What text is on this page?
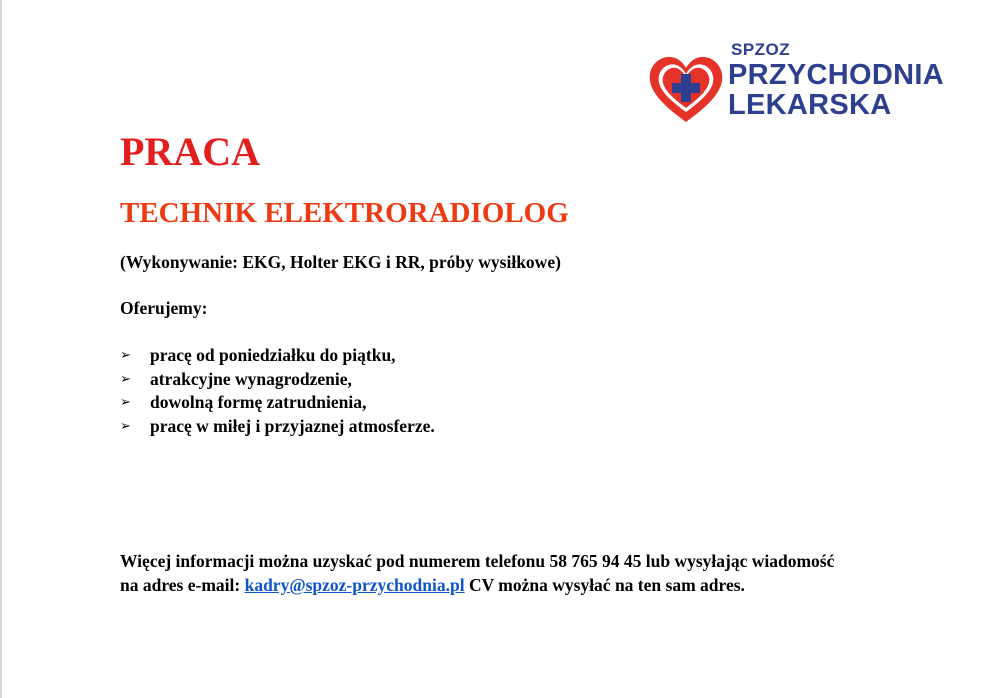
SPZOZ
PRZYCHODNIA
LEKARSKA
PRACA
TECHNIK ELEKTRORADIOLOG

(Wykonywanie: EKG, Holter EKG i RR, próby wysiłkowe)

Oferujemy:

➢ pracę od poniedziałku do piątku,
➢ atrakcyjne wynagrodzenie,
➢ dowolną formę zatrudnienia,
➢ pracę w miłej i przyjaznej atmosferze.

Więcej informacji można uzyskać pod numerem telefonu 58 765 94 45 lub wysyłając wiadomość na adres e-mail: kadry@spzoz-przychodnia.pl CV można wysyłać na ten sam adres.
